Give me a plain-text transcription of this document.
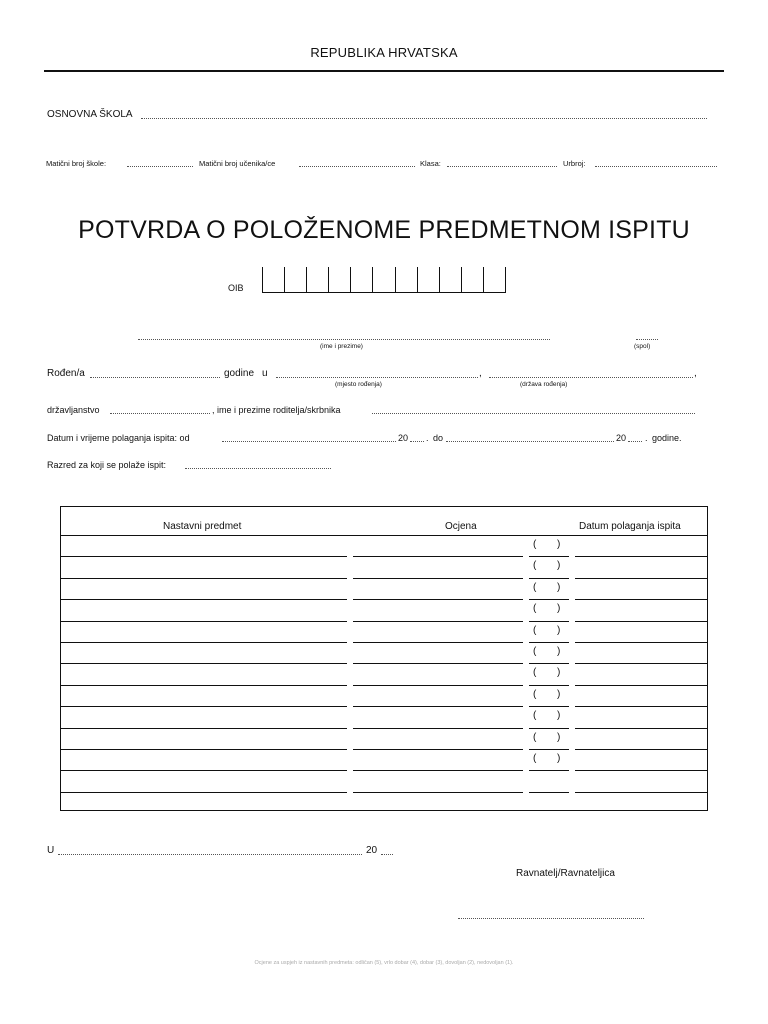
REPUBLIKA HRVATSKA
OSNOVNA ŠKOLA
Matični broj škole:	Matični broj učenika/ce	Klasa:	Urbroj:
POTVRDA O POLOŽENOME PREDMETNOM ISPITU
OIB
(ime i prezime)	(spol)
Rođen/a	godine u	,	,
(mjesto rođenja)	(država rođenja)
državljanstvo	, ime i prezime roditelja/skrbnika
Datum i vrijeme polaganja ispita: od	20 . do	20 . godine.
Razred za koji se polaže ispit:
Nastavni predmet	Ocjena	Datum polaganja ispita
( )
( )
( )
( )
( )
( )
( )
( )
( )
( )
( )
U	20
Ravnatelj/Ravnateljica
Ocjene za uspjeh iz nastavnih predmeta: odličan (5), vrlo dobar (4), dobar (3), dovoljan (2), nedovoljan (1).
